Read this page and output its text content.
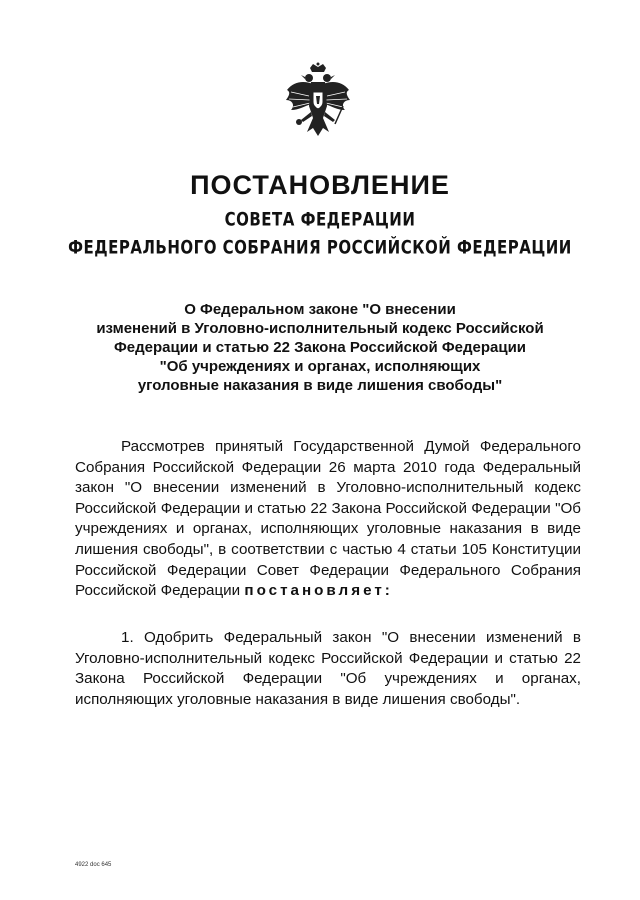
ПОСТАНОВЛЕНИЕ
СОВЕТА ФЕДЕРАЦИИ
ФЕДЕРАЛЬНОГО СОБРАНИЯ РОССИЙСКОЙ ФЕДЕРАЦИИ
О Федеральном законе "О внесении
изменений в Уголовно-исполнительный кодекс Российской
Федерации и статью 22 Закона Российской Федерации
"Об учреждениях и органах, исполняющих
уголовные наказания в виде лишения свободы"

Рассмотрев принятый Государственной Думой Федерального Собрания Российской Федерации 26 марта 2010 года Федеральный закон "О внесении изменений в Уголовно-исполнительный кодекс Российской Федерации и статью 22 Закона Российской Федерации "Об учреждениях и органах, исполняющих уголовные наказания в виде лишения свободы", в соответствии с частью 4 статьи 105 Конституции Российской Федерации Совет Федерации Федерального Собрания Российской Федерации постановляет:

1. Одобрить Федеральный закон "О внесении изменений в Уголовно-исполнительный кодекс Российской Федерации и статью 22 Закона Российской Федерации "Об учреждениях и органах, исполняющих уголовные наказания в виде лишения свободы".

4922 doc 645
